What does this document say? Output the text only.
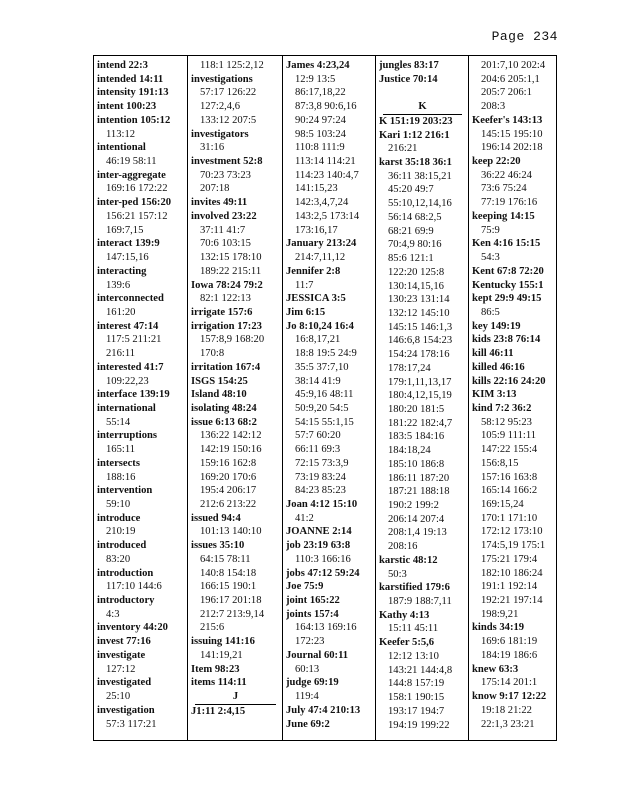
Page 234
intend 22:3
intended 14:11
intensity 191:13
intent 100:23
intention 105:12
113:12
intentional
46:19 58:11
inter-aggregate
169:16 172:22
inter-ped 156:20
156:21 157:12
169:7,15
interact 139:9
147:15,16
interacting
139:6
interconnected
161:20
interest 47:14
117:5 211:21
216:11
interested 41:7
109:22,23
interface 139:19
international
55:14
interruptions
165:11
intersects
188:16
intervention
59:10
introduce
210:19
introduced
83:20
introduction
117:10 144:6
introductory
4:3
inventory 44:20
invest 77:16
investigate
127:12
investigated
25:10
investigation
57:3 117:21
118:1 125:2,12
investigations
57:17 126:22
127:2,4,6
133:12 207:5
investigators
31:16
investment 52:8
70:23 73:23
207:18
invites 49:11
involved 23:22
37:11 41:7
70:6 103:15
132:15 178:10
189:22 215:11
Iowa 78:24 79:2
82:1 122:13
irrigate 157:6
irrigation 17:23
157:8,9 168:20
170:8
irritation 167:4
ISGS 154:25
Island 48:10
isolating 48:24
issue 6:13 68:2
136:22 142:12
142:19 150:16
159:16 162:8
169:20 170:6
195:4 206:17
212:6 213:22
issued 94:4
101:13 140:10
issues 35:10
64:15 78:11
140:8 154:18
166:15 190:1
196:17 201:18
212:7 213:9,14
215:6
issuing 141:16
141:19,21
Item 98:23
items 114:11
J
J1:11 2:4,15
James 4:23,24
12:9 13:5
86:17,18,22
87:3,8 90:6,16
90:24 97:24
98:5 103:24
110:8 111:9
113:14 114:21
114:23 140:4,7
141:15,23
142:3,4,7,24
143:2,5 173:14
173:16,17
January 213:24
214:7,11,12
Jennifer 2:8
11:7
JESSICA 3:5
Jim 6:15
Jo 8:10,24 16:4
16:8,17,21
18:8 19:5 24:9
35:5 37:7,10
38:14 41:9
45:9,16 48:11
50:9,20 54:5
54:15 55:1,15
57:7 60:20
66:11 69:3
72:15 73:3,9
73:19 83:24
84:23 85:23
Joan 4:12 15:10
41:2
JOANNE 2:14
job 23:19 63:8
110:3 166:16
jobs 47:12 59:24
Joe 75:9
joint 165:22
joints 157:4
164:13 169:16
172:23
Journal 60:11
60:13
judge 69:19
119:4
July 47:4 210:13
June 69:2
jungles 83:17
Justice 70:14

K
K 151:19 203:23
Kari 1:12 216:1
216:21
karst 35:18 36:1
36:11 38:15,21
45:20 49:7
55:10,12,14,16
56:14 68:2,5
68:21 69:9
70:4,9 80:16
85:6 121:1
122:20 125:8
130:14,15,16
130:23 131:14
132:12 145:10
145:15 146:1,3
146:6,8 154:23
154:24 178:16
178:17,24
179:1,11,13,17
180:4,12,15,19
180:20 181:5
181:22 182:4,7
183:5 184:16
184:18,24
185:10 186:8
186:11 187:20
187:21 188:18
190:2 199:2
206:14 207:4
208:1,4 19:13
208:16
karstic 48:12
50:3
karstified 179:6
187:9 188:7,11
Kathy 4:13
15:11 45:11
Keefer 5:5,6
12:12 13:10
143:21 144:4,8
144:8 157:19
158:1 190:15
193:17 194:7
194:19 199:22
201:7,10 202:4
204:6 205:1,1
205:7 206:1
208:3
Keefer's 143:13
145:15 195:10
196:14 202:18
keep 22:20
36:22 46:24
73:6 75:24
77:19 176:16
keeping 14:15
75:9
Ken 4:16 15:15
54:3
Kent 67:8 72:20
Kentucky 155:1
kept 29:9 49:15
86:5
key 149:19
kids 23:8 76:14
kill 46:11
killed 46:16
kills 22:16 24:20
KIM 3:13
kind 7:2 36:2
58:12 95:23
105:9 111:11
147:22 155:4
156:8,15
157:16 163:8
165:14 166:2
169:15,24
170:1 171:10
172:12 173:10
174:5,19 175:1
175:21 179:4
182:10 186:24
191:1 192:14
192:21 197:14
198:9,21
kinds 34:19
169:6 181:19
184:19 186:6
knew 63:3
175:14 201:1
know 9:17 12:22
19:18 21:22
22:1,3 23:21
